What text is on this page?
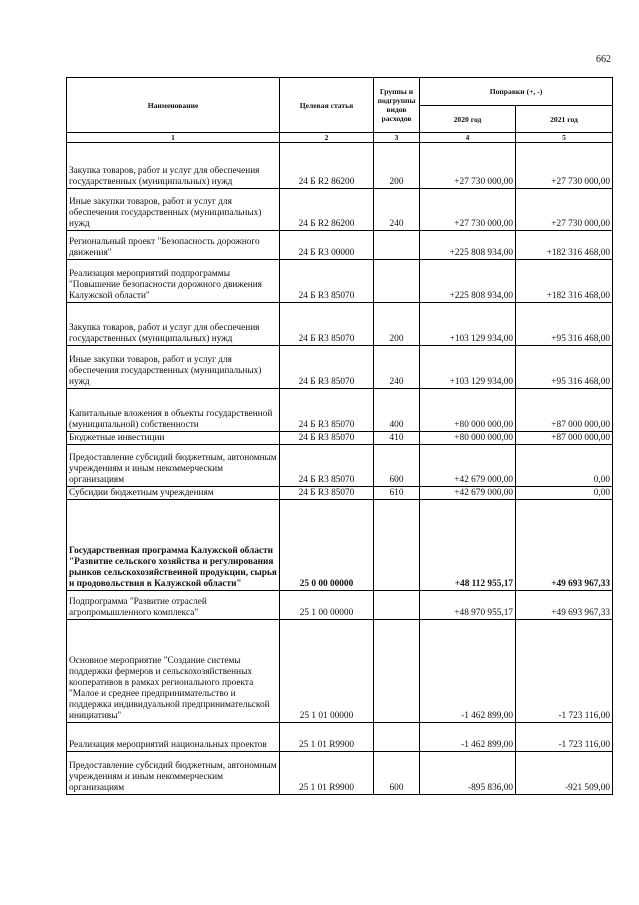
662
Наименование	Целевая статья	Группы и подгруппы видов расходов	Поправки (+, -)	
			2020 год	2021 год
1	2	3	4	5
Закупка товаров, работ и услуг для обеспечения государственных (муниципальных) нужд	24 Б R2 86200	200	+27 730 000,00	+27 730 000,00
Иные закупки товаров, работ и услуг для обеспечения государственных (муниципальных) нужд	24 Б R2 86200	240	+27 730 000,00	+27 730 000,00
Региональный проект "Безопасность дорожного движения"	24 Б R3 00000		+225 808 934,00	+182 316 468,00
Реализация мероприятий подпрограммы "Повышение безопасности дорожного движения Калужской области"	24 Б R3 85070		+225 808 934,00	+182 316 468,00
Закупка товаров, работ и услуг для обеспечения государственных (муниципальных) нужд	24 Б R3 85070	200	+103 129 934,00	+95 316 468,00
Иные закупки товаров, работ и услуг для обеспечения государственных (муниципальных) нужд	24 Б R3 85070	240	+103 129 934,00	+95 316 468,00
Капитальные вложения в объекты государственной (муниципальной) собственности	24 Б R3 85070	400	+80 000 000,00	+87 000 000,00
Бюджетные инвестиции	24 Б R3 85070	410	+80 000 000,00	+87 000 000,00
Предоставление субсидий бюджетным, автономным учреждениям и иным некоммерческим организациям	24 Б R3 85070	600	+42 679 000,00	0,00
Субсидии бюджетным учреждениям	24 Б R3 85070	610	+42 679 000,00	0,00
Государственная программа Калужской области "Развитие сельского хозяйства и регулирования рынков сельскохозяйственной продукции, сырья и продовольствия в Калужской области"	25 0 00 00000		+48 112 955,17	+49 693 967,33
Подпрограмма "Развитие отраслей агропромышленного комплекса"	25 1 00 00000		+48 970 955,17	+49 693 967,33
Основное мероприятие "Создание системы поддержки фермеров и сельскохозяйственных кооперативов в рамках регионального проекта "Малое и среднее предпринимательство и поддержка индивидуальной предпринимательской инициативы"	25 1 01 00000		-1 462 899,00	-1 723 116,00
Реализация мероприятий национальных проектов	25 1 01 R9900		-1 462 899,00	-1 723 116,00
Предоставление субсидий бюджетным, автономным учреждениям и иным некоммерческим организациям	25 1 01 R9900	600	-895 836,00	-921 509,00
